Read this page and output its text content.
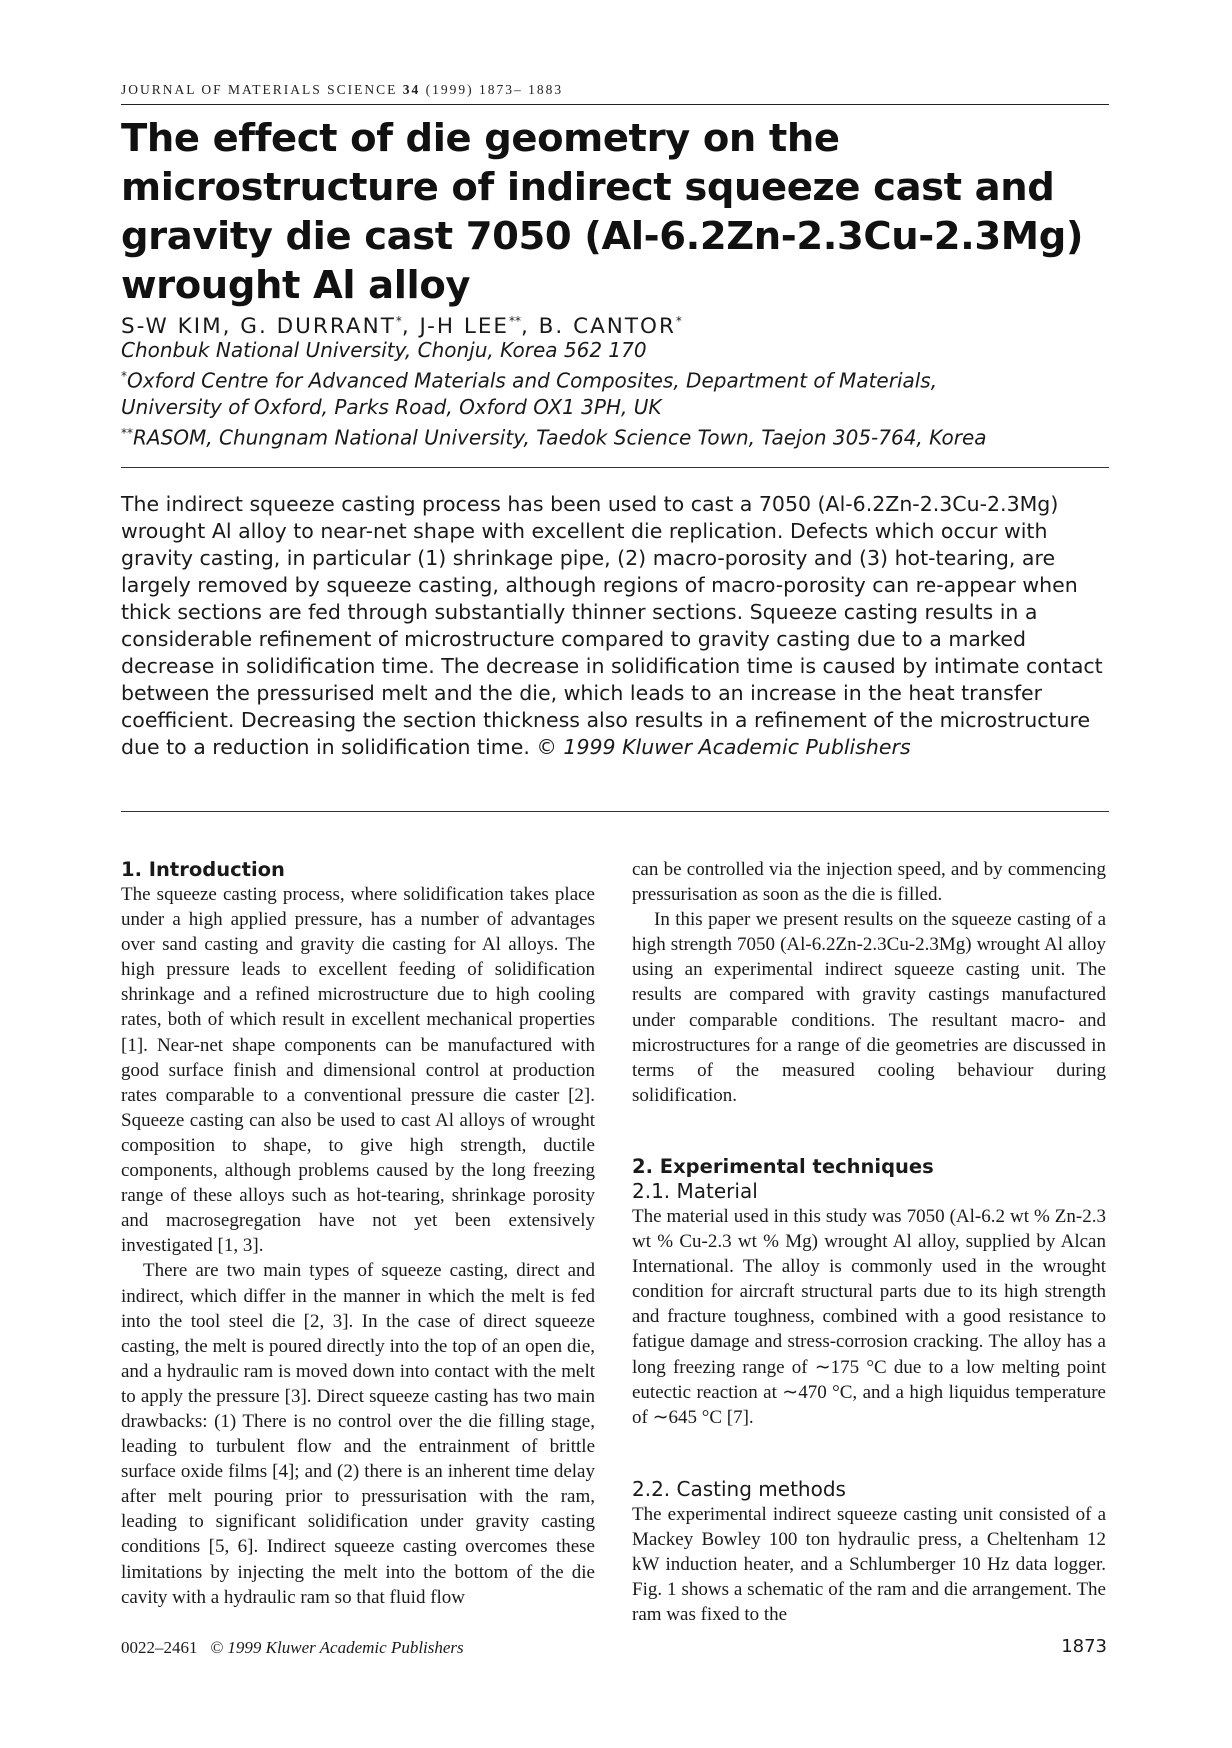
JOURNAL OF MATERIALS SCIENCE 34 (1999) 1873– 1883
The effect of die geometry on the microstructure of indirect squeeze cast and gravity die cast 7050 (Al-6.2Zn-2.3Cu-2.3Mg) wrought Al alloy
S-W KIM, G. DURRANT*, J-H LEE**, B. CANTOR*
Chonbuk National University, Chonju, Korea 562 170
*Oxford Centre for Advanced Materials and Composites, Department of Materials,
University of Oxford, Parks Road, Oxford OX1 3PH, UK
**RASOM, Chungnam National University, Taedok Science Town, Taejon 305-764, Korea
The indirect squeeze casting process has been used to cast a 7050 (Al-6.2Zn-2.3Cu-2.3Mg) wrought Al alloy to near-net shape with excellent die replication. Defects which occur with gravity casting, in particular (1) shrinkage pipe, (2) macro-porosity and (3) hot-tearing, are largely removed by squeeze casting, although regions of macro-porosity can re-appear when thick sections are fed through substantially thinner sections. Squeeze casting results in a considerable refinement of microstructure compared to gravity casting due to a marked decrease in solidification time. The decrease in solidification time is caused by intimate contact between the pressurised melt and the die, which leads to an increase in the heat transfer coefficient. Decreasing the section thickness also results in a refinement of the microstructure due to a reduction in solidification time. © 1999 Kluwer Academic Publishers
1. Introduction

The squeeze casting process, where solidification takes place under a high applied pressure, has a number of advantages over sand casting and gravity die casting for Al alloys. The high pressure leads to excellent feeding of solidification shrinkage and a refined microstructure due to high cooling rates, both of which result in excellent mechanical properties [1]. Near-net shape components can be manufactured with good surface finish and dimensional control at production rates comparable to a conventional pressure die caster [2]. Squeeze casting can also be used to cast Al alloys of wrought composition to shape, to give high strength, ductile components, although problems caused by the long freezing range of these alloys such as hot-tearing, shrinkage porosity and macrosegregation have not yet been extensively investigated [1, 3].

There are two main types of squeeze casting, direct and indirect, which differ in the manner in which the melt is fed into the tool steel die [2, 3]. In the case of direct squeeze casting, the melt is poured directly into the top of an open die, and a hydraulic ram is moved down into contact with the melt to apply the pressure [3]. Direct squeeze casting has two main drawbacks: (1) There is no control over the die filling stage, leading to turbulent flow and the entrainment of brittle surface oxide films [4]; and (2) there is an inherent time delay after melt pouring prior to pressurisation with the ram, leading to significant solidification under gravity casting conditions [5, 6]. Indirect squeeze casting overcomes these limitations by injecting the melt into the bottom of the die cavity with a hydraulic ram so that fluid flow

can be controlled via the injection speed, and by commencing pressurisation as soon as the die is filled.

In this paper we present results on the squeeze casting of a high strength 7050 (Al-6.2Zn-2.3Cu-2.3Mg) wrought Al alloy using an experimental indirect squeeze casting unit. The results are compared with gravity castings manufactured under comparable conditions. The resultant macro- and microstructures for a range of die geometries are discussed in terms of the measured cooling behaviour during solidification.

2. Experimental techniques
2.1. Material

The material used in this study was 7050 (Al-6.2 wt % Zn-2.3 wt % Cu-2.3 wt % Mg) wrought Al alloy, supplied by Alcan International. The alloy is commonly used in the wrought condition for aircraft structural parts due to its high strength and fracture toughness, combined with a good resistance to fatigue damage and stress-corrosion cracking. The alloy has a long freezing range of ∼175 °C due to a low melting point eutectic reaction at ∼470 °C, and a high liquidus temperature of ∼645 °C [7].

2.2. Casting methods

The experimental indirect squeeze casting unit consisted of a Mackey Bowley 100 ton hydraulic press, a Cheltenham 12 kW induction heater, and a Schlumberger 10 Hz data logger. Fig. 1 shows a schematic of the ram and die arrangement. The ram was fixed to the

0022–2461 © 1999 Kluwer Academic Publishers	1873
